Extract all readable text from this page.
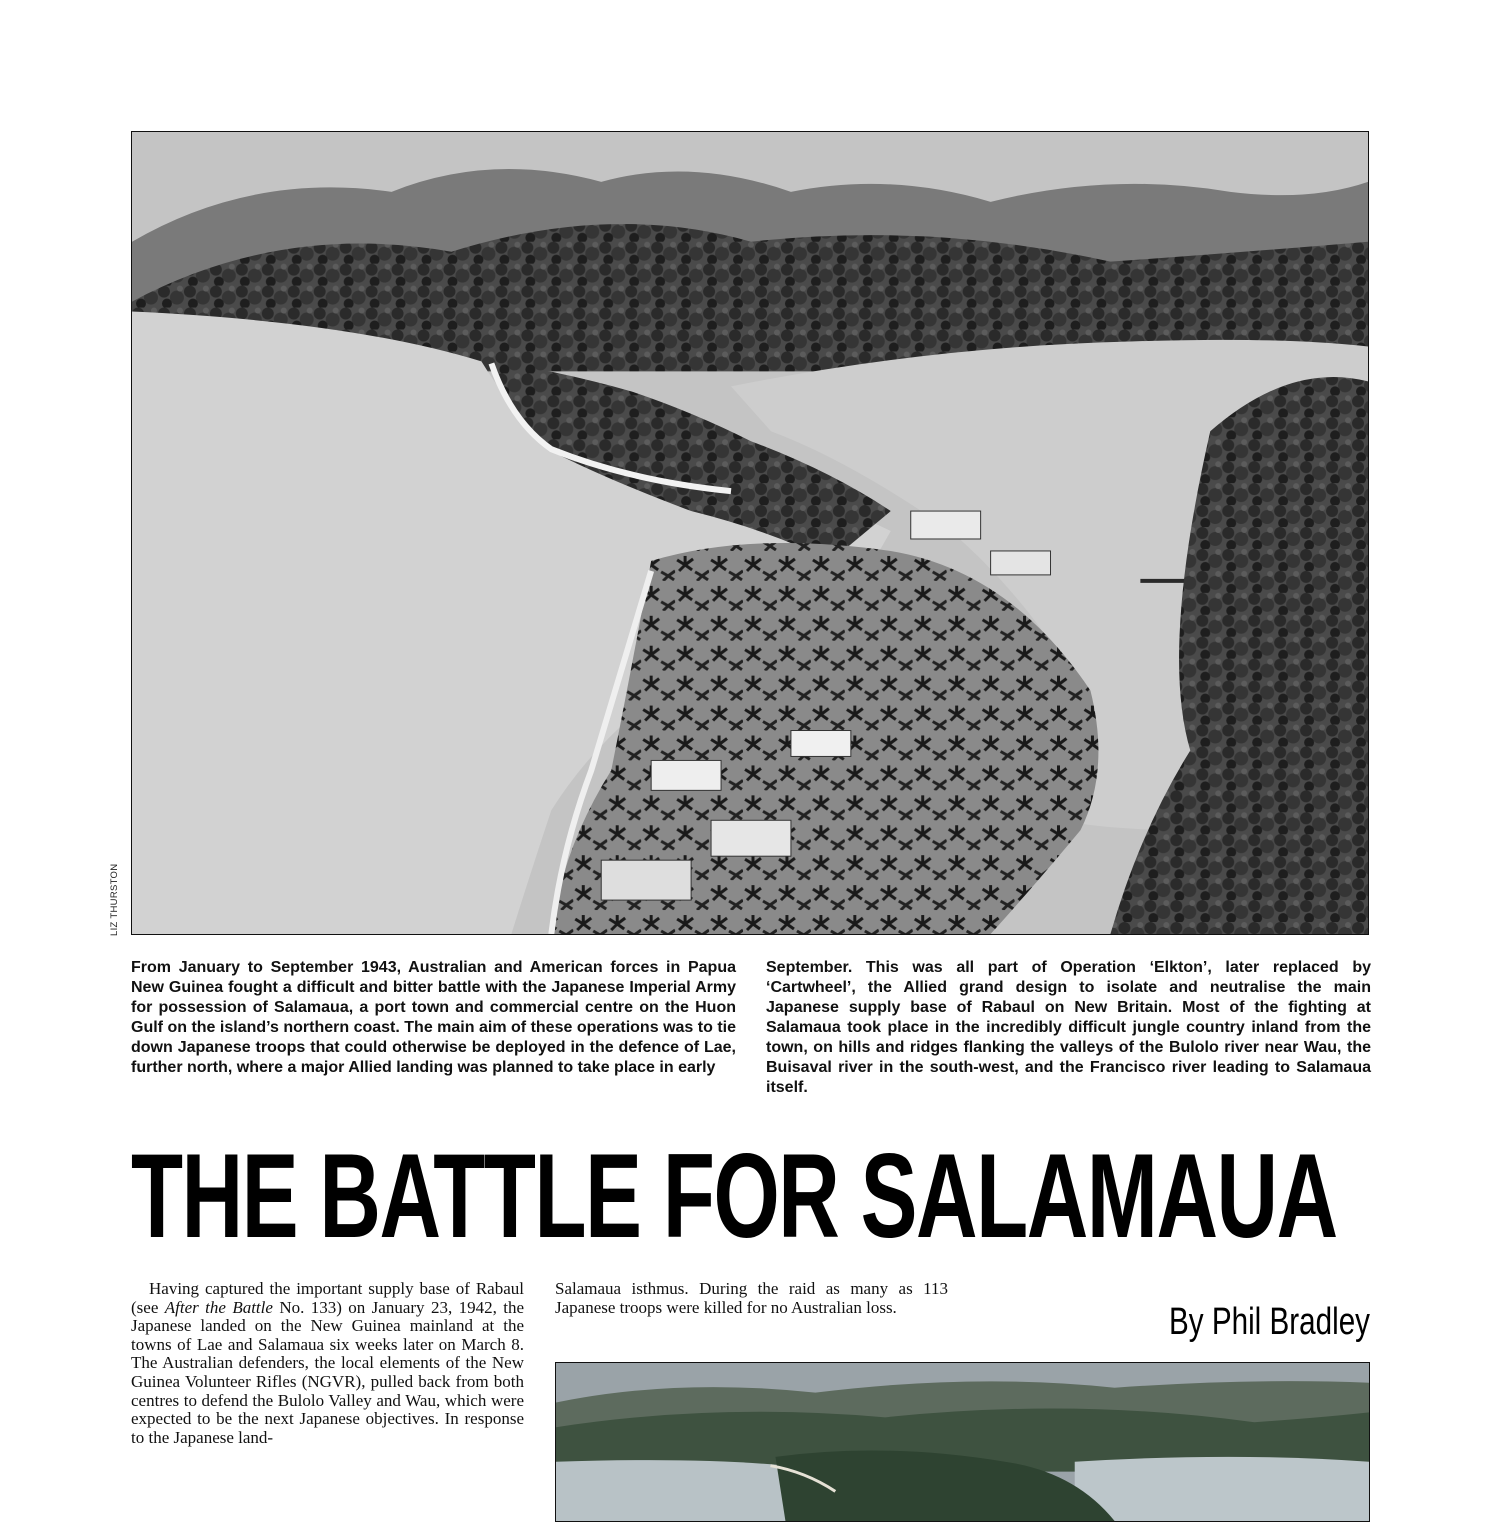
LIZ THURSTON

From January to September 1943, Australian and American forces in Papua New Guinea fought a difficult and bitter battle with the Japanese Imperial Army for possession of Salamaua, a port town and commercial centre on the Huon Gulf on the island’s northern coast. The main aim of these operations was to tie down Japanese troops that could otherwise be deployed in the defence of Lae, further north, where a major Allied landing was planned to take place in early

September. This was all part of Operation ‘Elkton’, later replaced by ‘Cartwheel’, the Allied grand design to isolate and neutralise the main Japanese supply base of Rabaul on New Britain. Most of the fighting at Salamaua took place in the incredibly difficult jungle country inland from the town, on hills and ridges flanking the valleys of the Bulolo river near Wau, the Buisaval river in the south-west, and the Francisco river leading to Salamaua itself.

THE BATTLE FOR SALAMAUA

Having captured the important supply base of Rabaul (see After the Battle No. 133) on January 23, 1942, the Japanese landed on the New Guinea mainland at the towns of Lae and Salamaua six weeks later on March 8. The Australian defenders, the local elements of the New Guinea Volunteer Rifles (NGVR), pulled back from both centres to defend the Bulolo Valley and Wau, which were expected to be the next Japanese objectives. In response to the Japanese land-

Salamaua isthmus. During the raid as many as 113 Japanese troops were killed for no Australian loss.	By Phil Bradley
